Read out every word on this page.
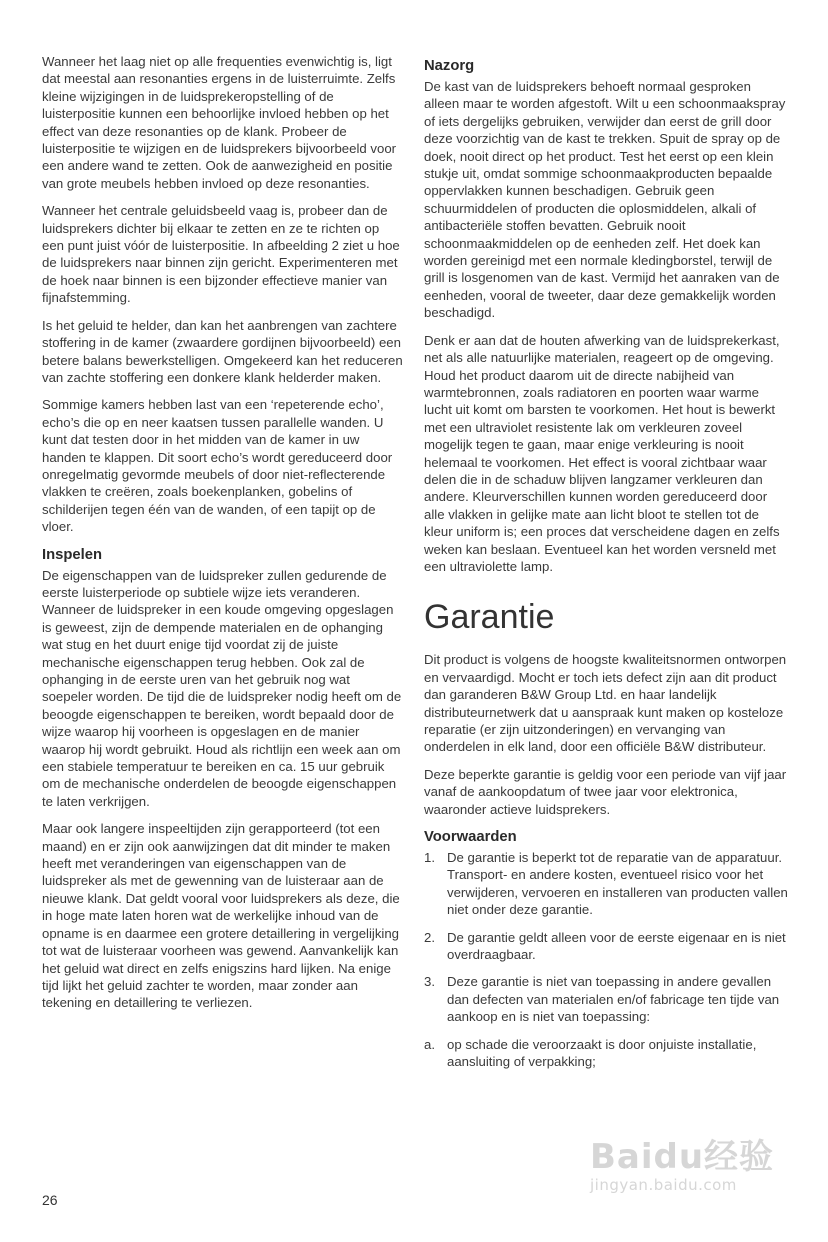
Wanneer het laag niet op alle frequenties evenwichtig is, ligt dat meestal aan resonanties ergens in de luisterruimte. Zelfs kleine wijzigingen in de luidsprekeropstelling of de luisterpositie kunnen een behoorlijke invloed hebben op het effect van deze resonanties op de klank. Probeer de luisterpositie te wijzigen en de luidsprekers bijvoorbeeld voor een andere wand te zetten. Ook de aanwezigheid en positie van grote meubels hebben invloed op deze resonanties.

Wanneer het centrale geluidsbeeld vaag is, probeer dan de luidsprekers dichter bij elkaar te zetten en ze te richten op een punt juist vóór de luisterpositie. In afbeelding 2 ziet u hoe de luidsprekers naar binnen zijn gericht. Experimenteren met de hoek naar binnen is een bijzonder effectieve manier van fijnafstemming.

Is het geluid te helder, dan kan het aanbrengen van zachtere stoffering in de kamer (zwaardere gordijnen bijvoorbeeld) een betere balans bewerkstelligen. Omgekeerd kan het reduceren van zachte stoffering een donkere klank helderder maken.

Sommige kamers hebben last van een ‘repeterende echo’, echo’s die op en neer kaatsen tussen parallelle wanden. U kunt dat testen door in het midden van de kamer in uw handen te klappen. Dit soort echo’s wordt gereduceerd door onregelmatig gevormde meubels of door niet-reflecterende vlakken te creëren, zoals boekenplanken, gobelins of schilderijen tegen één van de wanden, of een tapijt op de vloer.

Inspelen

De eigenschappen van de luidspreker zullen gedurende de eerste luisterperiode op subtiele wijze iets veranderen. Wanneer de luidspreker in een koude omgeving opgeslagen is geweest, zijn de dempende materialen en de ophanging wat stug en het duurt enige tijd voordat zij de juiste mechanische eigenschappen terug hebben. Ook zal de ophanging in de eerste uren van het gebruik nog wat soepeler worden. De tijd die de luidspreker nodig heeft om de beoogde eigenschappen te bereiken, wordt bepaald door de wijze waarop hij voorheen is opgeslagen en de manier waarop hij wordt gebruikt. Houd als richtlijn een week aan om een stabiele temperatuur te bereiken en ca. 15 uur gebruik om de mechanische onderdelen de beoogde eigenschappen te laten verkrijgen.

Maar ook langere inspeeltijden zijn gerapporteerd (tot een maand) en er zijn ook aanwijzingen dat dit minder te maken heeft met veranderingen van eigenschappen van de luidspreker als met de gewenning van de luisteraar aan de nieuwe klank. Dat geldt vooral voor luidsprekers als deze, die in hoge mate laten horen wat de werkelijke inhoud van de opname is en daarmee een grotere detaillering in vergelijking tot wat de luisteraar voorheen was gewend. Aanvankelijk kan het geluid wat direct en zelfs enigszins hard lijken. Na enige tijd lijkt het geluid zachter te worden, maar zonder aan tekening en detaillering te verliezen.

Nazorg

De kast van de luidsprekers behoeft normaal gesproken alleen maar te worden afgestoft. Wilt u een schoonmaakspray of iets dergelijks gebruiken, verwijder dan eerst de grill door deze voorzichtig van de kast te trekken. Spuit de spray op de doek, nooit direct op het product. Test het eerst op een klein stukje uit, omdat sommige schoonmaakproducten bepaalde oppervlakken kunnen beschadigen. Gebruik geen schuurmiddelen of producten die oplosmiddelen, alkali of antibacteriële stoffen bevatten. Gebruik nooit schoonmaakmiddelen op de eenheden zelf. Het doek kan worden gereinigd met een normale kledingborstel, terwijl de grill is losgenomen van de kast. Vermijd het aanraken van de eenheden, vooral de tweeter, daar deze gemakkelijk worden beschadigd.

Denk er aan dat de houten afwerking van de luidsprekerkast, net als alle natuurlijke materialen, reageert op de omgeving. Houd het product daarom uit de directe nabijheid van warmtebronnen, zoals radiatoren en poorten waar warme lucht uit komt om barsten te voorkomen. Het hout is bewerkt met een ultraviolet resistente lak om verkleuren zoveel mogelijk tegen te gaan, maar enige verkleuring is nooit helemaal te voorkomen. Het effect is vooral zichtbaar waar delen die in de schaduw blijven langzamer verkleuren dan andere. Kleurverschillen kunnen worden gereduceerd door alle vlakken in gelijke mate aan licht bloot te stellen tot de kleur uniform is; een proces dat verscheidene dagen en zelfs weken kan beslaan. Eventueel kan het worden versneld met een ultraviolette lamp.

Garantie

Dit product is volgens de hoogste kwaliteitsnormen ontworpen en vervaardigd. Mocht er toch iets defect zijn aan dit product dan garanderen B&W Group Ltd. en haar landelijk distributeurnetwerk dat u aanspraak kunt maken op kosteloze reparatie (er zijn uitzonderingen) en vervanging van onderdelen in elk land, door een officiële B&W distributeur.

Deze beperkte garantie is geldig voor een periode van vijf jaar vanaf de aankoopdatum of twee jaar voor elektronica, waaronder actieve luidsprekers.

Voorwaarden
1. De garantie is beperkt tot de reparatie van de apparatuur. Transport- en andere kosten, eventueel risico voor het verwijderen, vervoeren en installeren van producten vallen niet onder deze garantie.
2. De garantie geldt alleen voor de eerste eigenaar en is niet overdraagbaar.
3. Deze garantie is niet van toepassing in andere gevallen dan defecten van materialen en/of fabricage ten tijde van aankoop en is niet van toepassing:
a. op schade die veroorzaakt is door onjuiste installatie, aansluiting of verpakking;
26
Baidu经验
jingyan.baidu.com
